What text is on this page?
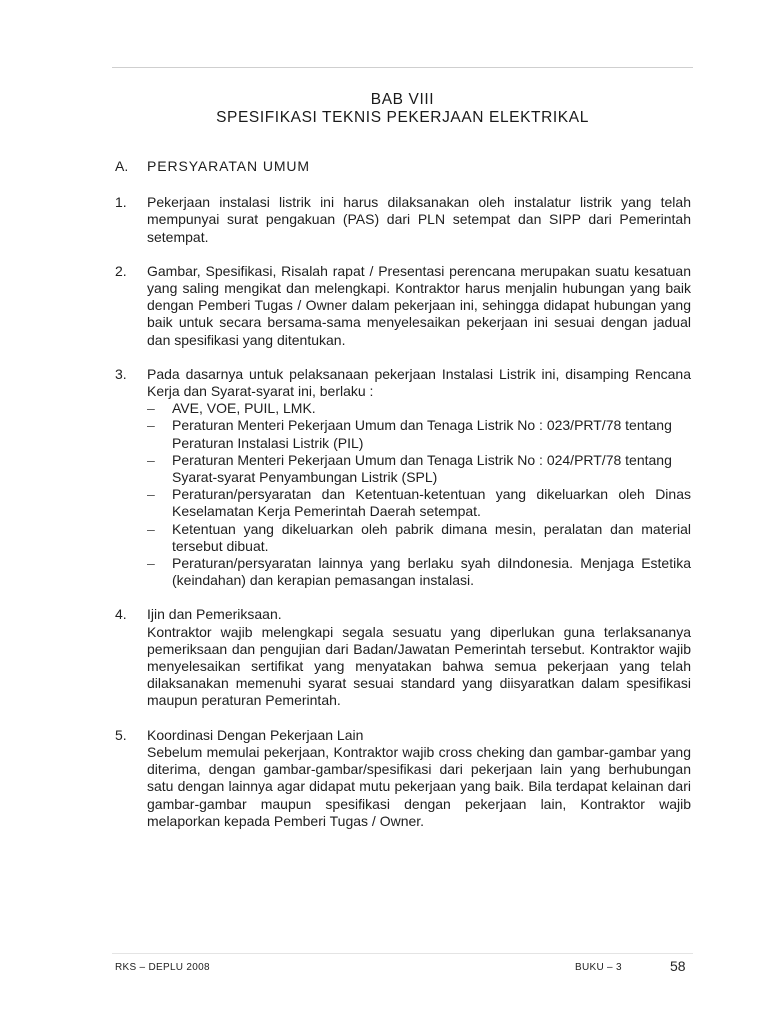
BAB VIII
SPESIFIKASI TEKNIS PEKERJAAN ELEKTRIKAL
A.	PERSYARATAN UMUM
1.	Pekerjaan instalasi listrik ini harus dilaksanakan oleh instalatur listrik yang telah mempunyai surat pengakuan (PAS) dari PLN setempat dan SIPP dari Pemerintah setempat.
2.	Gambar, Spesifikasi, Risalah rapat / Presentasi perencana merupakan suatu kesatuan yang saling mengikat dan melengkapi. Kontraktor harus menjalin hubungan yang baik dengan Pemberi Tugas / Owner dalam pekerjaan ini, sehingga didapat hubungan yang baik untuk secara bersama-sama menyelesaikan pekerjaan ini sesuai dengan jadual dan spesifikasi yang ditentukan.
3.	Pada dasarnya untuk pelaksanaan pekerjaan Instalasi Listrik ini, disamping Rencana Kerja dan Syarat-syarat ini, berlaku :
–	AVE, VOE, PUIL, LMK.
–	Peraturan Menteri Pekerjaan Umum dan Tenaga Listrik No : 023/PRT/78 tentang Peraturan Instalasi Listrik (PIL)
–	Peraturan Menteri Pekerjaan Umum dan Tenaga Listrik No : 024/PRT/78 tentang Syarat-syarat Penyambungan Listrik (SPL)
–	Peraturan/persyaratan dan Ketentuan-ketentuan yang dikeluarkan oleh Dinas Keselamatan Kerja Pemerintah Daerah setempat.
–	Ketentuan yang dikeluarkan oleh pabrik dimana mesin, peralatan dan material tersebut dibuat.
–	Peraturan/persyaratan lainnya yang berlaku syah diIndonesia. Menjaga Estetika (keindahan) dan kerapian pemasangan instalasi.
4.	Ijin dan Pemeriksaan.

Kontraktor wajib melengkapi segala sesuatu yang diperlukan guna terlaksananya pemeriksaan dan pengujian dari Badan/Jawatan Pemerintah tersebut. Kontraktor wajib menyelesaikan sertifikat yang menyatakan bahwa semua pekerjaan yang telah dilaksanakan memenuhi syarat sesuai standard yang diisyaratkan dalam spesifikasi maupun peraturan Pemerintah.
5.	Koordinasi Dengan Pekerjaan Lain

Sebelum memulai pekerjaan, Kontraktor wajib cross cheking dan gambar-gambar yang diterima, dengan gambar-gambar/spesifikasi dari pekerjaan lain yang berhubungan satu dengan lainnya agar didapat mutu pekerjaan yang baik. Bila terdapat kelainan dari gambar-gambar maupun spesifikasi dengan pekerjaan lain, Kontraktor wajib melaporkan kepada Pemberi Tugas / Owner.
RKS – DEPLU 2008	BUKU – 3	58
